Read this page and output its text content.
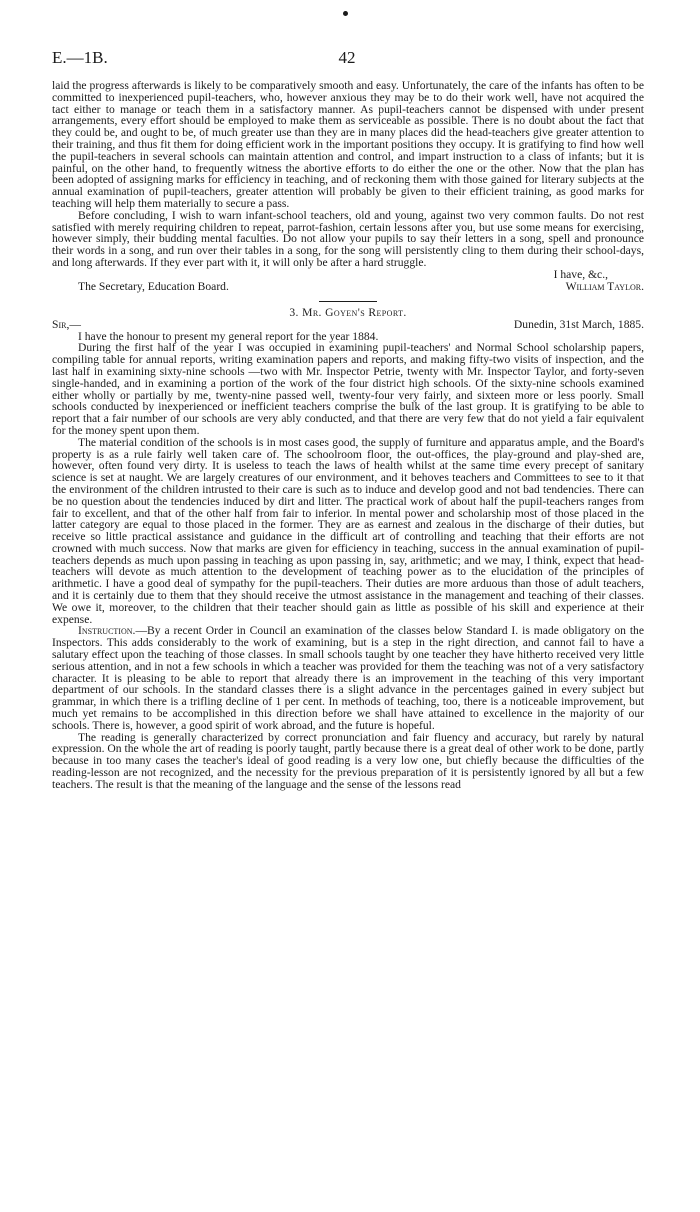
E.—1B.	42

laid the progress afterwards is likely to be comparatively smooth and easy. Unfortunately, the care of the infants has often to be committed to inexperienced pupil-teachers, who, however anxious they may be to do their work well, have not acquired the tact either to manage or teach them in a satisfactory manner. As pupil-teachers cannot be dispensed with under present arrangements, every effort should be employed to make them as serviceable as possible. There is no doubt about the fact that they could be, and ought to be, of much greater use than they are in many places did the head-teachers give greater attention to their training, and thus fit them for doing efficient work in the important positions they occupy. It is gratifying to find how well the pupil-teachers in several schools can maintain attention and control, and impart instruction to a class of infants; but it is painful, on the other hand, to frequently witness the abortive efforts to do either the one or the other. Now that the plan has been adopted of assigning marks for efficiency in teaching, and of reckoning them with those gained for literary subjects at the annual examination of pupil-teachers, greater attention will probably be given to their efficient training, as good marks for teaching will help them materially to secure a pass.

Before concluding, I wish to warn infant-school teachers, old and young, against two very common faults. Do not rest satisfied with merely requiring children to repeat, parrot-fashion, certain lessons after you, but use some means for exercising, however simply, their budding mental faculties. Do not allow your pupils to say their letters in a song, spell and pronounce their words in a song, and run over their tables in a song, for the song will persistently cling to them during their school-days, and long afterwards. If they ever part with it, it will only be after a hard struggle.

I have, &c.,
The Secretary, Education Board.	William Taylor.
3. Mr. Goyen's Report.
Sir,—	Dunedin, 31st March, 1885.

I have the honour to present my general report for the year 1884.

During the first half of the year I was occupied in examining pupil-teachers' and Normal School scholarship papers, compiling table for annual reports, writing examination papers and reports, and making fifty-two visits of inspection, and the last half in examining sixty-nine schools —two with Mr. Inspector Petrie, twenty with Mr. Inspector Taylor, and forty-seven single-handed, and in examining a portion of the work of the four district high schools. Of the sixty-nine schools examined either wholly or partially by me, twenty-nine passed well, twenty-four very fairly, and sixteen more or less poorly. Small schools conducted by inexperienced or inefficient teachers comprise the bulk of the last group. It is gratifying to be able to report that a fair number of our schools are very ably conducted, and that there are very few that do not yield a fair equivalent for the money spent upon them.

The material condition of the schools is in most cases good, the supply of furniture and apparatus ample, and the Board's property is as a rule fairly well taken care of. The schoolroom floor, the out-offices, the play-ground and play-shed are, however, often found very dirty. It is useless to teach the laws of health whilst at the same time every precept of sanitary science is set at naught. We are largely creatures of our environment, and it behoves teachers and Committees to see to it that the environment of the children intrusted to their care is such as to induce and develop good and not bad tendencies. There can be no question about the tendencies induced by dirt and litter. The practical work of about half the pupil-teachers ranges from fair to excellent, and that of the other half from fair to inferior. In mental power and scholarship most of those placed in the latter category are equal to those placed in the former. They are as earnest and zealous in the discharge of their duties, but receive so little practical assistance and guidance in the difficult art of controlling and teaching that their efforts are not crowned with much success. Now that marks are given for efficiency in teaching, success in the annual examination of pupil-teachers depends as much upon passing in teaching as upon passing in, say, arithmetic; and we may, I think, expect that head-teachers will devote as much attention to the development of teaching power as to the elucidation of the principles of arithmetic. I have a good deal of sympathy for the pupil-teachers. Their duties are more arduous than those of adult teachers, and it is certainly due to them that they should receive the utmost assistance in the management and teaching of their classes. We owe it, moreover, to the children that their teacher should gain as little as possible of his skill and experience at their expense.

Instruction.—By a recent Order in Council an examination of the classes below Standard I. is made obligatory on the Inspectors. This adds considerably to the work of examining, but is a step in the right direction, and cannot fail to have a salutary effect upon the teaching of those classes. In small schools taught by one teacher they have hitherto received very little serious attention, and in not a few schools in which a teacher was provided for them the teaching was not of a very satisfactory character. It is pleasing to be able to report that already there is an improvement in the teaching of this very important department of our schools. In the standard classes there is a slight advance in the percentages gained in every subject but grammar, in which there is a trifling decline of 1 per cent. In methods of teaching, too, there is a noticeable improvement, but much yet remains to be accomplished in this direction before we shall have attained to excellence in the majority of our schools. There is, however, a good spirit of work abroad, and the future is hopeful.

The reading is generally characterized by correct pronunciation and fair fluency and accuracy, but rarely by natural expression. On the whole the art of reading is poorly taught, partly because there is a great deal of other work to be done, partly because in too many cases the teacher's ideal of good reading is a very low one, but chiefly because the difficulties of the reading-lesson are not recognized, and the necessity for the previous preparation of it is persistently ignored by all but a few teachers. The result is that the meaning of the language and the sense of the lessons read
